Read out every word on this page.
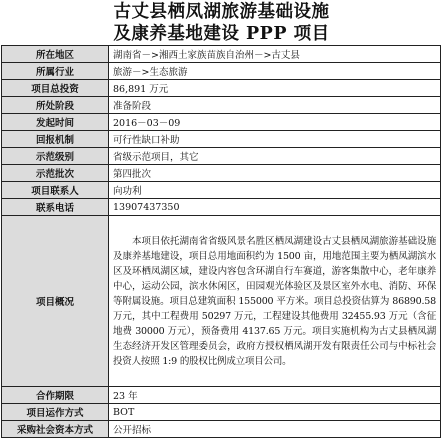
古丈县栖凤湖旅游基础设施
及康养基地建设 PPP 项目
所在地区	湖南省－>湘西土家族苗族自治州－>古丈县
所属行业	旅游－>生态旅游
项目总投资	86,891 万元
所处阶段	准备阶段
发起时间	2016－03－09
回报机制	可行性缺口补助
示范级别	省级示范项目，其它
示范批次	第四批次
项目联系人	向功利
联系电话	13907437350
项目概况	本项目依托湖南省省级风景名胜区栖凤湖建设古丈县栖凤湖旅游基础设施及康养基地建设，项目总用地面积约为 1500 亩，用地范围主要为栖凤湖滨水区及环栖凤湖区域，建设内容包含环湖自行车赛道，游客集散中心，老年康养中心，运动公园，滨水休闲区，田园观光体验区及景区室外水电、消防、环保等附属设施。项目总建筑面积 155000 平方米。项目总投资估算为 86890.58 万元，其中工程费用 50297 万元，工程建设其他费用 32455.93 万元（含征地费 30000 万元），预备费用 4137.65 万元。项目实施机构为古丈县栖凤湖生态经济开发区管理委员会，政府方授权栖凤湖开发有限责任公司与中标社会投资人按照 1:9 的股权比例成立项目公司。
合作期限	23 年
项目运作方式	BOT
采购社会资本方式	公开招标
